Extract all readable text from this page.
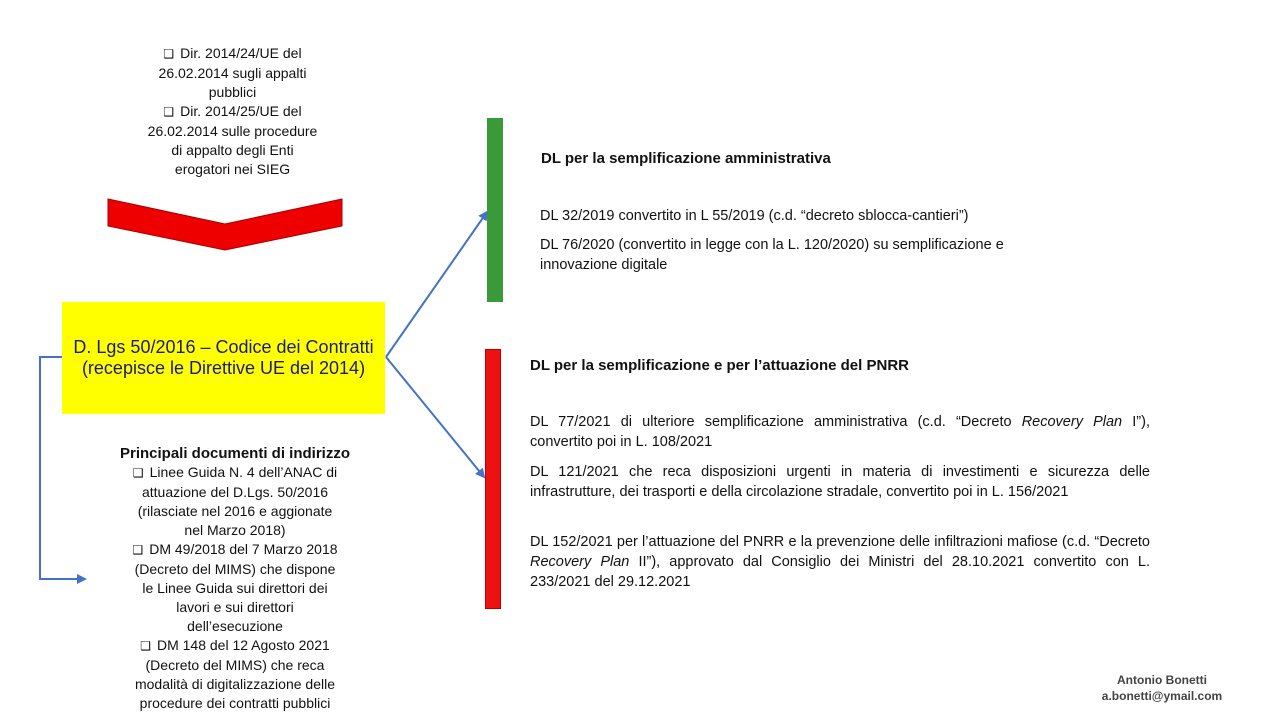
❑ Dir. 2014/24/UE del
26.02.2014 sugli appalti
pubblici
❑ Dir. 2014/25/UE del
26.02.2014 sulle procedure
di appalto degli Enti
erogatori nei SIEG
D. Lgs 50/2016 – Codice dei Contratti
(recepisce le Direttive UE del 2014)
DL per la semplificazione amministrativa
DL 32/2019 convertito in L 55/2019 (c.d. “decreto sblocca-cantieri”)
DL 76/2020 (convertito in legge con la L. 120/2020) su semplificazione e
innovazione digitale
DL per la semplificazione e per l’attuazione del PNRR
DL 77/2021 di ulteriore semplificazione amministrativa (c.d. “Decreto Recovery Plan I”), convertito poi in L. 108/2021
DL 121/2021 che reca disposizioni urgenti in materia di investimenti e sicurezza delle infrastrutture, dei trasporti e della circolazione stradale, convertito poi in L. 156/2021
DL 152/2021 per l’attuazione del PNRR e la prevenzione delle infiltrazioni mafiose (c.d. “Decreto Recovery Plan II”), approvato dal Consiglio dei Ministri del 28.10.2021 convertito con L. 233/2021 del 29.12.2021
Principali documenti di indirizzo
❑ Linee Guida N. 4 dell’ANAC di
attuazione del D.Lgs. 50/2016
(rilasciate nel 2016 e aggionate
nel Marzo 2018)
❑ DM 49/2018 del 7 Marzo 2018
(Decreto del MIMS) che dispone
le Linee Guida sui direttori dei
lavori e sui direttori
dell’esecuzione
❑ DM 148 del 12 Agosto 2021
(Decreto del MIMS) che reca
modalità di digitalizzazione delle
procedure dei contratti pubblici
Antonio Bonetti
a.bonetti@ymail.com
